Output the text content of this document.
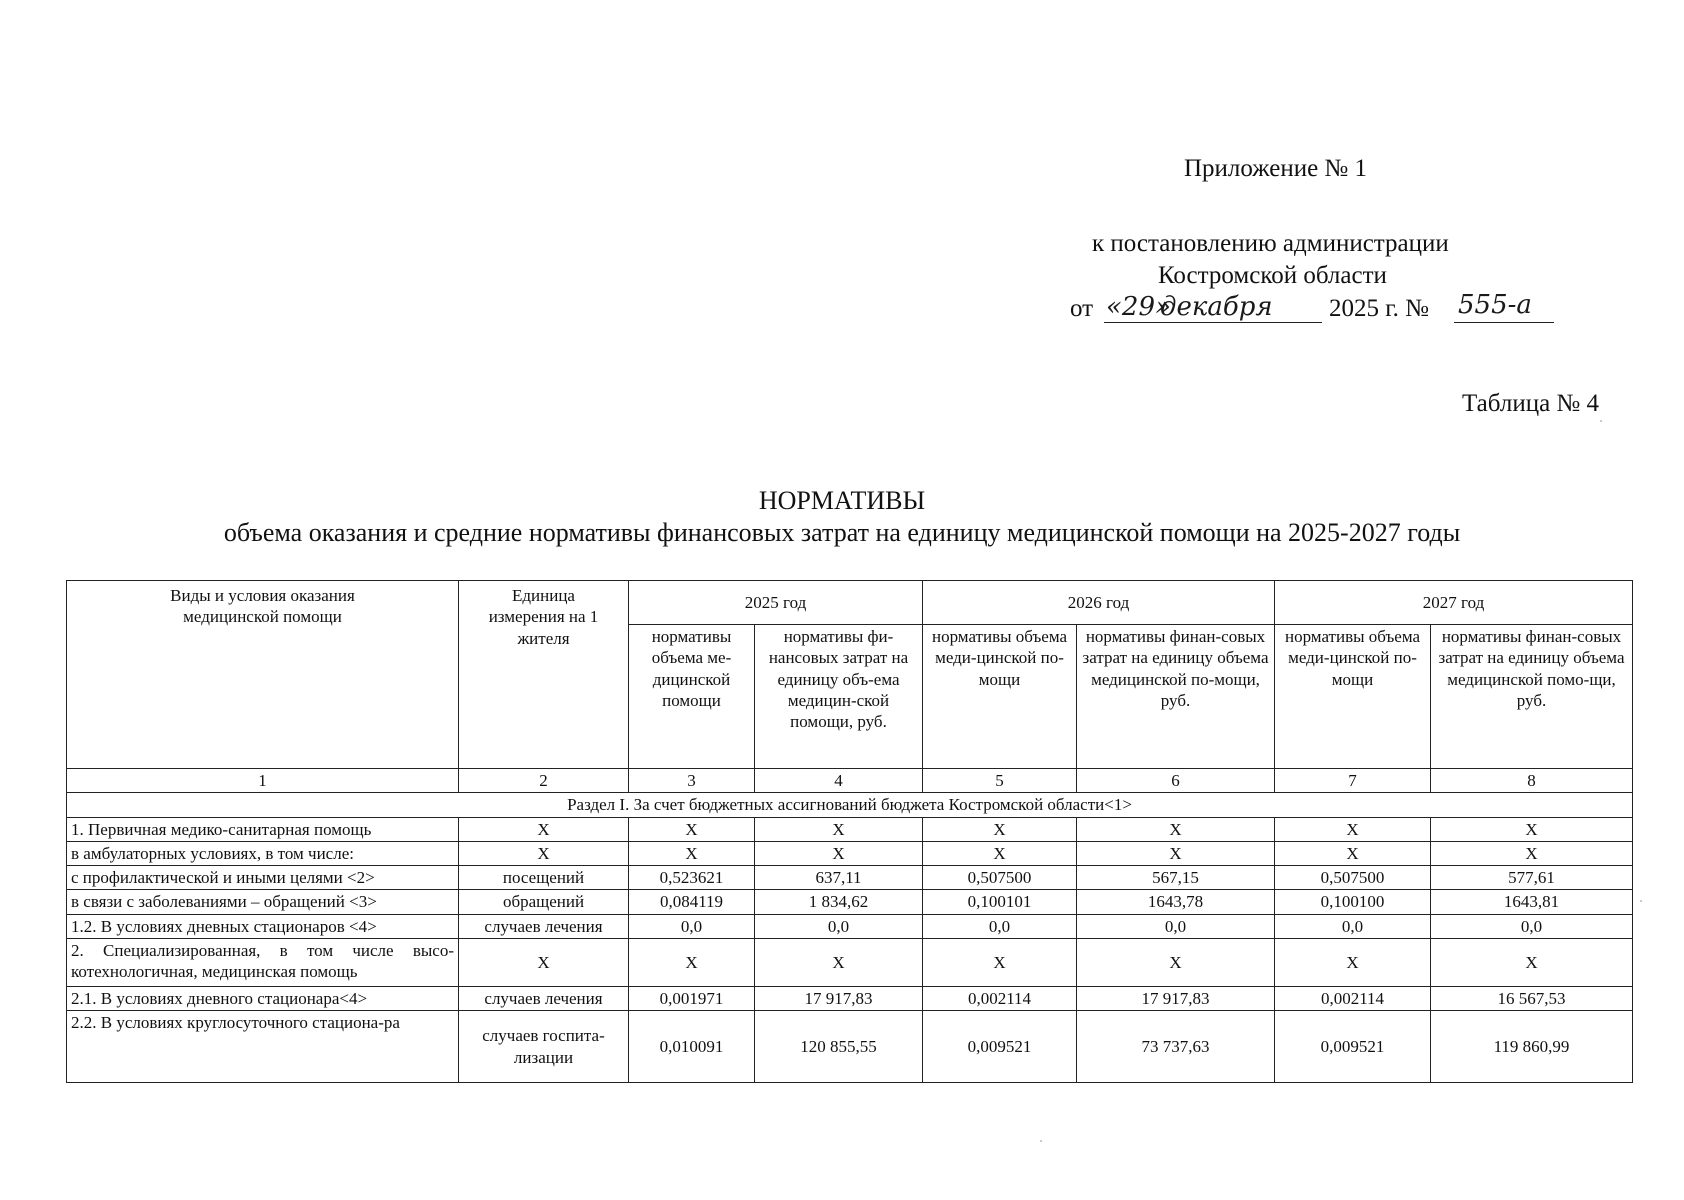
Приложение № 1
к постановлению администрации
Костромской области
от «29»
декабря 2025 г. № 555-а
Таблица № 4
НОРМАТИВЫ
объема оказания и средние нормативы финансовых затрат на единицу медицинской помощи на 2025-2027 годы
Виды и условия оказания медицинской помощи	Единица измерения на 1 жителя	2025 год		2026 год		2027 год	
		нормативы объема ме-дицинской помощи	нормативы фи-нансовых затрат на единицу объ-ема медицин-ской помощи, руб.	нормативы объема меди-цинской по-мощи	нормативы финан-совых затрат на единицу объема медицинской по-мощи, руб.	нормативы объема меди-цинской по-мощи	нормативы финан-совых затрат на единицу объема медицинской помо-щи, руб.
1	2	3	4	5	6	7	8
Раздел I. За счет бюджетных ассигнований бюджета Костромской области<1>							
1. Первичная медико-санитарная помощь	Х	Х	Х	Х	Х	Х	Х
в амбулаторных условиях, в том числе:	Х	Х	Х	Х	Х	Х	Х
с профилактической и иными целями <2>	посещений	0,523621	637,11	0,507500	567,15	0,507500	577,61
в связи с заболеваниями – обращений <3>	обращений	0,084119	1 834,62	0,100101	1643,78	0,100100	1643,81
1.2. В условиях дневных стационаров <4>	случаев лечения	0,0	0,0	0,0	0,0	0,0	0,0
2. Специализированная, в том числе высо-котехнологичная, медицинская помощь	Х	Х	Х	Х	Х	Х	Х
2.1. В условиях дневного стационара<4>	случаев лечения	0,001971	17 917,83	0,002114	17 917,83	0,002114	16 567,53
2.2. В условиях круглосуточного стациона-ра	случаев госпита-лизации	0,010091	120 855,55	0,009521	73 737,63	0,009521	119 860,99
